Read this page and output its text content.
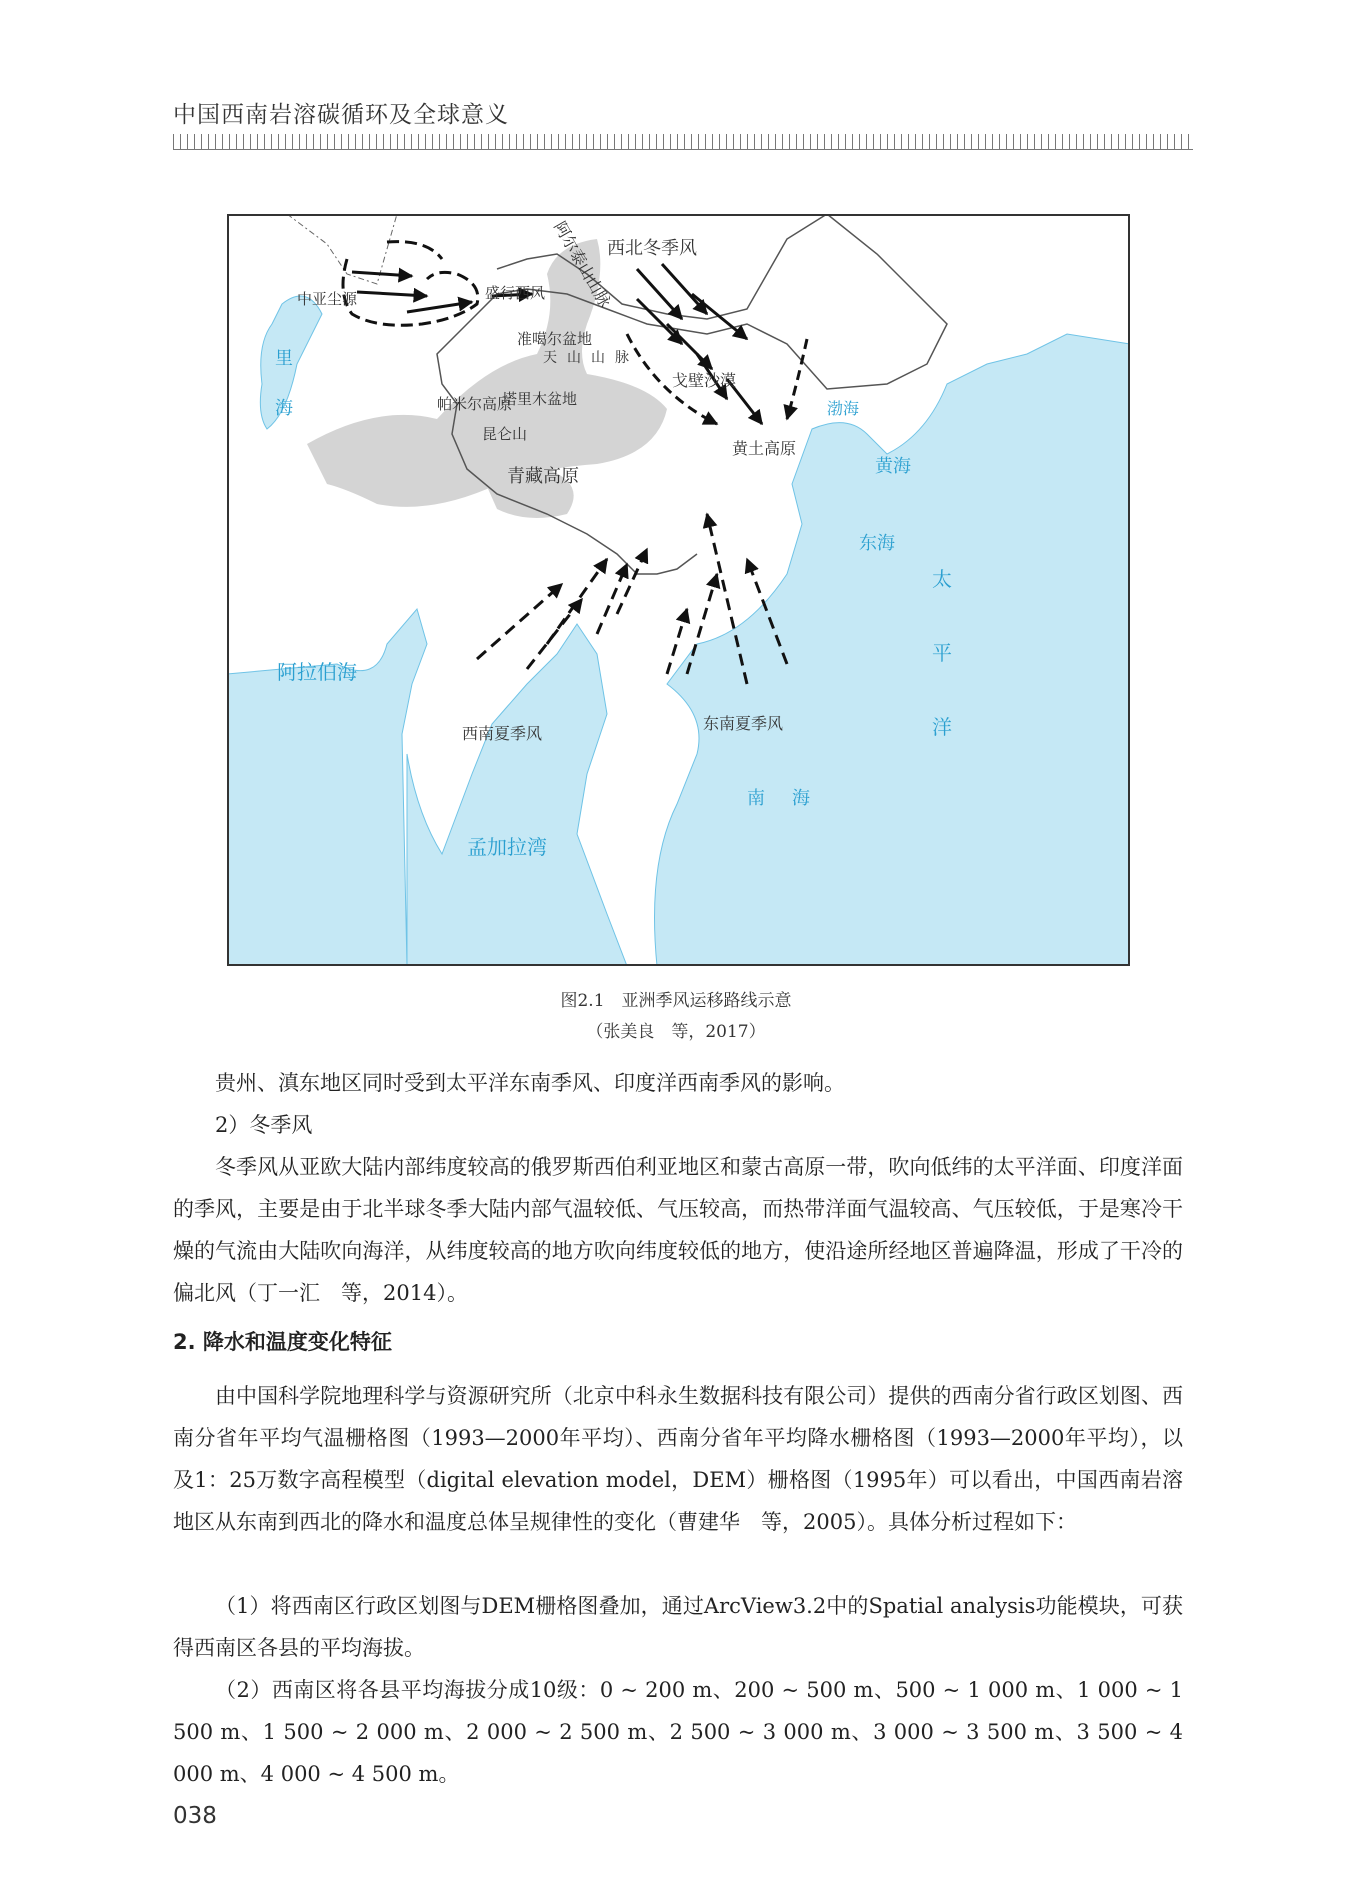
中国西南岩溶碳循环及全球意义
西北冬季风
盛行西风 阿尔泰山山脉
中亚尘源
准噶尔盆地
天 山 山 脉
戈壁沙漠
帕米尔高原
塔里木盆地
昆仑山
青藏高原
黄土高原
西南夏季风
东南夏季风
里
海	渤海
黄海
东海
太
平
洋
阿拉伯海
孟加拉湾
南 海
图2.1　亚洲季风运移路线示意
（张美良　等，2017）

贵州、滇东地区同时受到太平洋东南季风、印度洋西南季风的影响。

2）冬季风

冬季风从亚欧大陆内部纬度较高的俄罗斯西伯利亚地区和蒙古高原一带，吹向低纬的太平洋面、印度洋面的季风，主要是由于北半球冬季大陆内部气温较低、气压较高，而热带洋面气温较高、气压较低，于是寒冷干燥的气流由大陆吹向海洋，从纬度较高的地方吹向纬度较低的地方，使沿途所经地区普遍降温，形成了干冷的偏北风（丁一汇　等，2014）。

2. 降水和温度变化特征

由中国科学院地理科学与资源研究所（北京中科永生数据科技有限公司）提供的西南分省行政区划图、西南分省年平均气温栅格图（1993—2000年平均）、西南分省年平均降水栅格图（1993—2000年平均），以及1：25万数字高程模型（digital elevation model，DEM）栅格图（1995年）可以看出，中国西南岩溶地区从东南到西北的降水和温度总体呈规律性的变化（曹建华　等，2005）。具体分析过程如下：

（1）将西南区行政区划图与DEM栅格图叠加，通过ArcView3.2中的Spatial analysis功能模块，可获得西南区各县的平均海拔。

（2）西南区将各县平均海拔分成10级：0 ~ 200 m、200 ~ 500 m、500 ~ 1 000 m、1 000 ~ 1 500 m、1 500 ~ 2 000 m、2 000 ~ 2 500 m、2 500 ~ 3 000 m、3 000 ~ 3 500 m、3 500 ~ 4 000 m、4 000 ~ 4 500 m。

038
